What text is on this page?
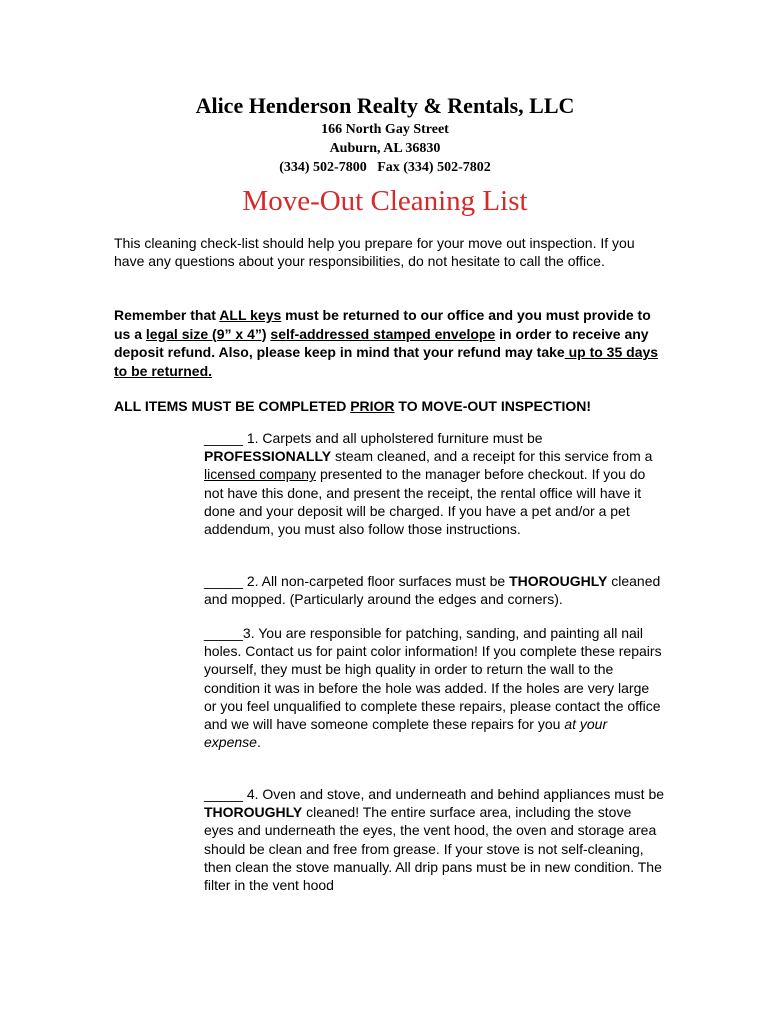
Alice Henderson Realty & Rentals, LLC
166 North Gay Street
Auburn, AL 36830
(334) 502-7800   Fax (334) 502-7802
Move-Out Cleaning List
This cleaning check-list should help you prepare for your move out inspection. If you have any questions about your responsibilities, do not hesitate to call the office.
Remember that ALL keys must be returned to our office and you must provide to us a legal size (9” x 4”) self-addressed stamped envelope in order to receive any deposit refund. Also, please keep in mind that your refund may take up to 35 days to be returned.
ALL ITEMS MUST BE COMPLETED PRIOR TO MOVE-OUT INSPECTION!
_____ 1. Carpets and all upholstered furniture must be PROFESSIONALLY steam cleaned, and a receipt for this service from a licensed company presented to the manager before checkout. If you do not have this done, and present the receipt, the rental office will have it done and your deposit will be charged. If you have a pet and/or a pet addendum, you must also follow those instructions.
_____ 2. All non-carpeted floor surfaces must be THOROUGHLY cleaned and mopped. (Particularly around the edges and corners).
_____3. You are responsible for patching, sanding, and painting all nail holes. Contact us for paint color information! If you complete these repairs yourself, they must be high quality in order to return the wall to the condition it was in before the hole was added. If the holes are very large or you feel unqualified to complete these repairs, please contact the office and we will have someone complete these repairs for you at your expense.
_____ 4. Oven and stove, and underneath and behind appliances must be THOROUGHLY cleaned! The entire surface area, including the stove eyes and underneath the eyes, the vent hood, the oven and storage area should be clean and free from grease. If your stove is not self-cleaning, then clean the stove manually. All drip pans must be in new condition. The filter in the vent hood
